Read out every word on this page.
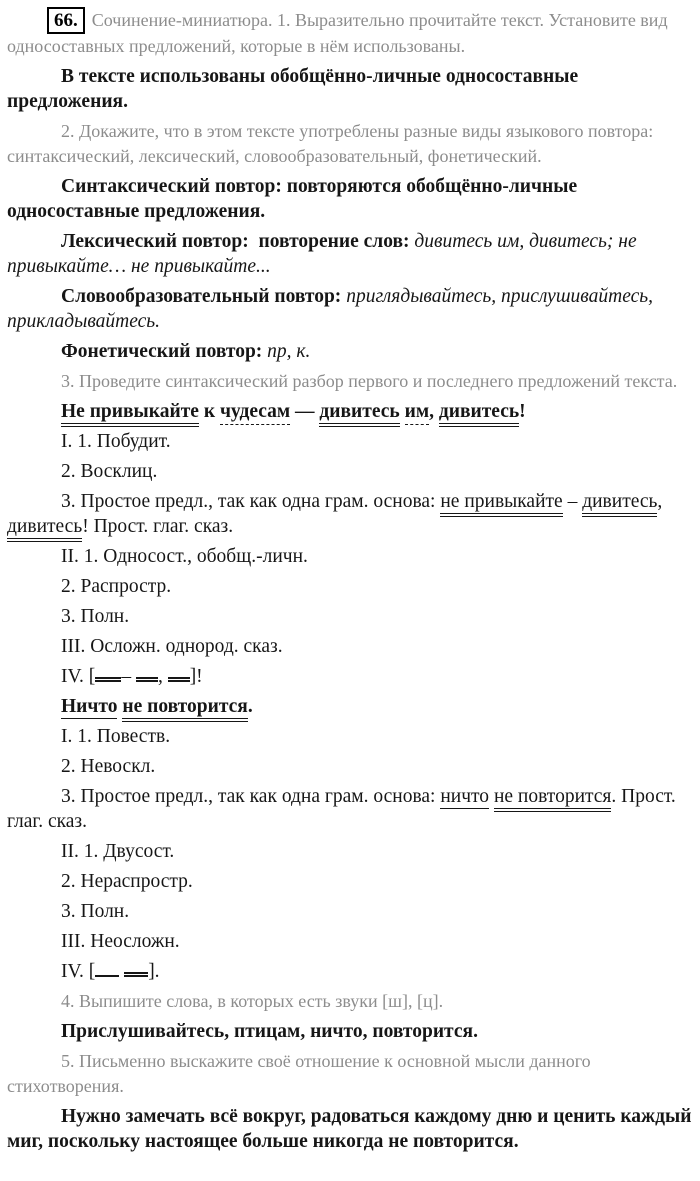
66. Сочинение-миниатюра. 1. Выразительно прочитайте текст. Установите вид односоставных предложений, которые в нём использованы.

В тексте использованы обобщённо-личные односоставные предложения.

2. Докажите, что в этом тексте употреблены разные виды языкового повтора: синтаксический, лексический, словообразовательный, фонетический.

Синтаксический повтор: повторяются обобщённо-личные односоставные предложения.

Лексический повтор:  повторение слов: дивитесь им, дивитесь; не привыкайте… не привыкайте...

Словообразовательный повтор: приглядывайтесь, прислушивайтесь, прикладывайтесь.

Фонетический повтор: пр, к.

3. Проведите синтаксический разбор первого и последнего предложений текста.

Не привыкайте к чудесам — дивитесь им, дивитесь!

I. 1. Побудит.

2. Восклиц.

3. Простое предл., так как одна грам. основа: не привыкайте – дивитесь, дивитесь! Прост. глаг. сказ.

II. 1. Односост., обобщ.-личн.

2. Распростр.

3. Полн.

III. Осложн. однород. сказ.

IV. [ – , ]!

Ничто не повторится.

I. 1. Повеств.

2. Невоскл.

3. Простое предл., так как одна грам. основа: ничто не повторится. Прост. глаг. сказ.

II. 1. Двусост.

2. Нераспростр.

3. Полн.

III. Неосложн.

IV. [	].

4. Выпишите слова, в которых есть звуки [ш], [ц].

Прислушивайтесь, птицам, ничто, повторится.

5. Письменно выскажите своё отношение к основной мысли данного стихотворения.

Нужно замечать всё вокруг, радоваться каждому дню и ценить каждый миг, поскольку настоящее больше никогда не повторится.
